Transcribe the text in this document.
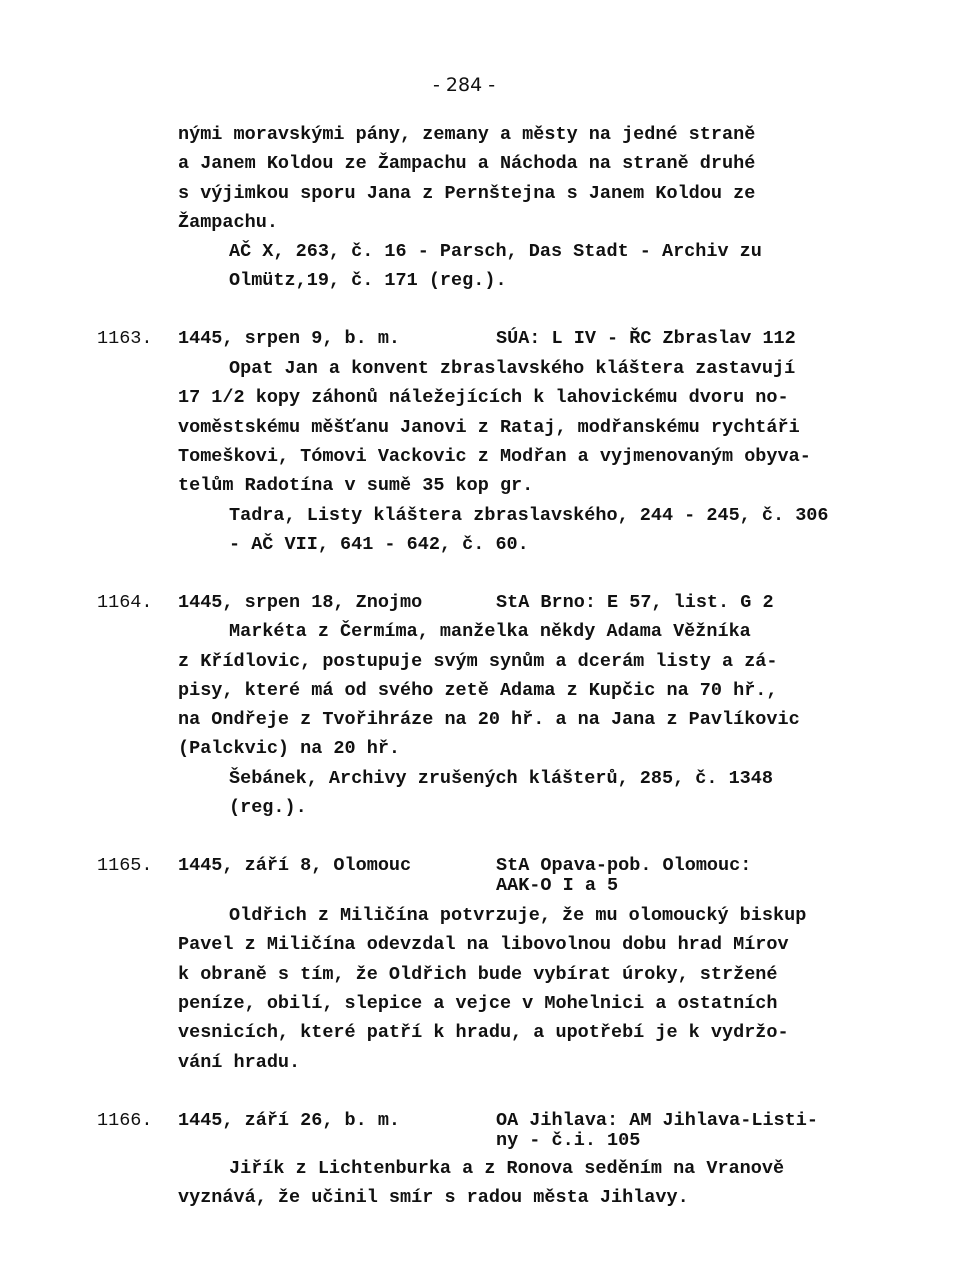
- 284 -
nými moravskými pány, zemany a městy na jedné straně
a Janem Koldou ze Žampachu a Náchoda na straně druhé
s výjimkou sporu Jana z Pernštejna s Janem Koldou ze
Žampachu.
AČ X, 263, č. 16 - Parsch, Das Stadt - Archiv zu
Olmütz,19, č. 171 (reg.).
1163. 1445, srpen 9, b. m.	SÚA: L IV - ŘC Zbraslav 112
Opat Jan a konvent zbraslavského kláštera zastavují
17 1/2 kopy záhonů náležejících k lahovickému dvoru no-
voměstskému měšťanu Janovi z Rataj, modřanskému rychtáři
Tomeškovi, Tómovi Vackovic z Modřan a vyjmenovaným obyva-
telům Radotína v sumě 35 kop gr.
Tadra, Listy kláštera zbraslavského, 244 - 245, č. 306
- AČ VII, 641 - 642, č. 60.
1164. 1445, srpen 18, Znojmo	StA Brno: E 57, list. G 2
Markéta z Čermíma, manželka někdy Adama Věžníka
z Křídlovic, postupuje svým synům a dcerám listy a zá-
pisy, které má od svého zetě Adama z Kupčic na 70 hř.,
na Ondřeje z Tvořihráze na 20 hř. a na Jana z Pavlíkovic
(Palckvic) na 20 hř.
Šebánek, Archivy zrušených klášterů, 285, č. 1348
(reg.).
1165. 1445, září 8, Olomouc	StA Opava-pob. Olomouc:
AAK-O I a 5
Oldřich z Miličína potvrzuje, že mu olomoucký biskup
Pavel z Miličína odevzdal na libovolnou dobu hrad Mírov
k obraně s tím, že Oldřich bude vybírat úroky, stržené
peníze, obilí, slepice a vejce v Mohelnici a ostatních
vesnicích, které patří k hradu, a upotřebí je k vydržo-
vání hradu.
1166. 1445, září 26, b. m.	OA Jihlava: AM Jihlava-Listi-
ny - č.i. 105
Jiřík z Lichtenburka a z Ronova seděním na Vranově
vyznává, že učinil smír s radou města Jihlavy.
